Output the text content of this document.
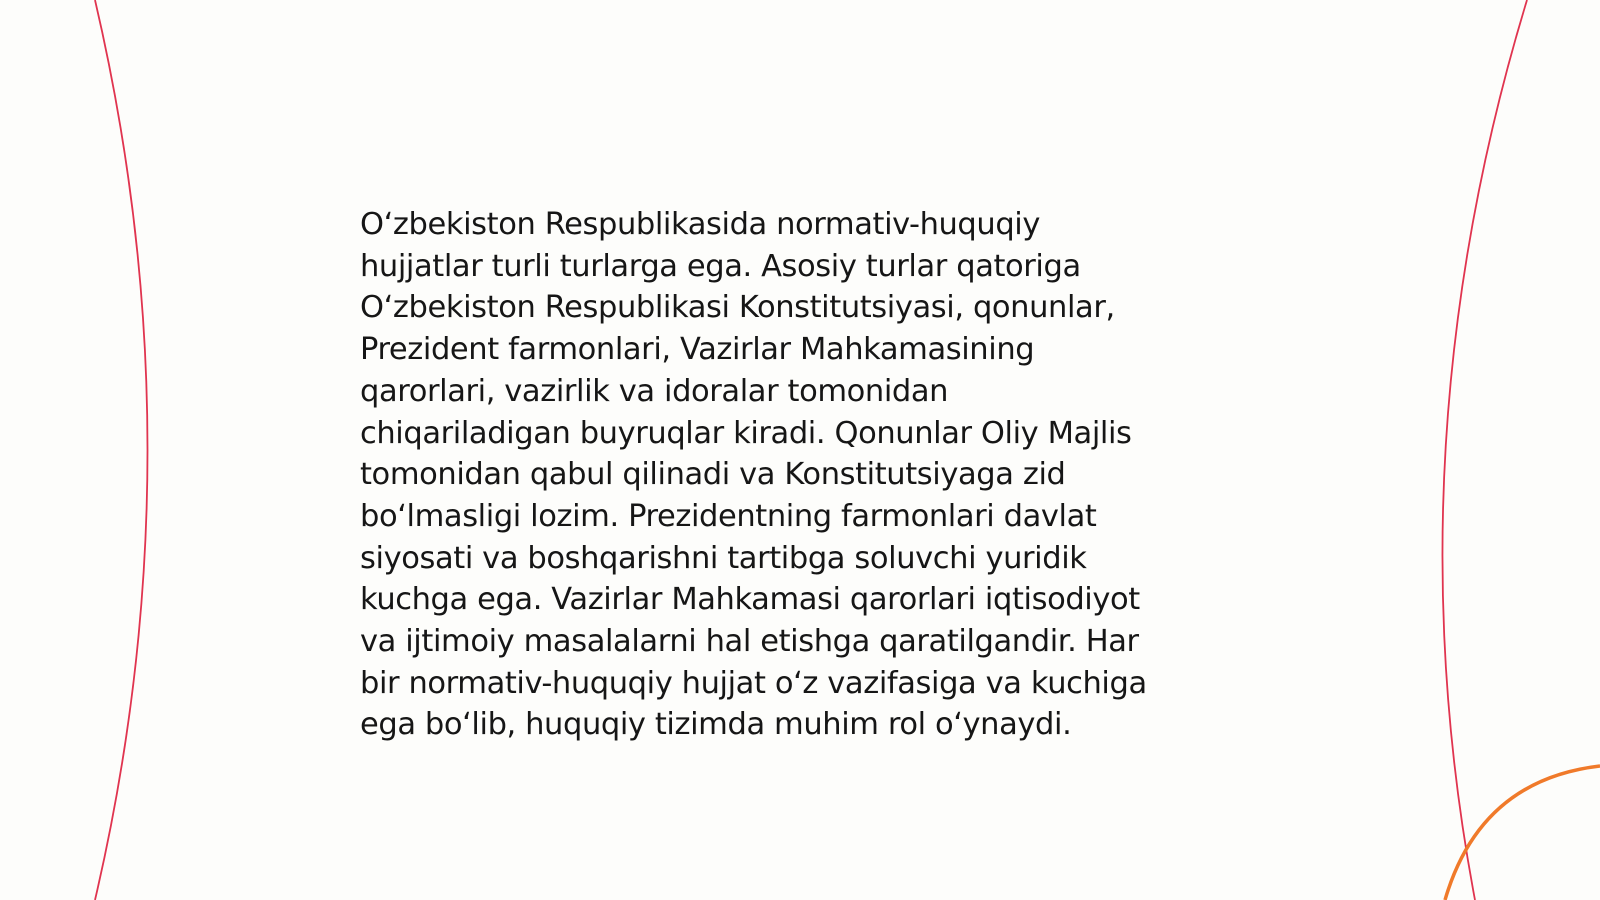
O‘zbekiston Respublikasida normativ-huquqiy
hujjatlar turli turlarga ega. Asosiy turlar qatoriga
O‘zbekiston Respublikasi Konstitutsiyasi, qonunlar,
Prezident farmonlari, Vazirlar Mahkamasining
qarorlari, vazirlik va idoralar tomonidan
chiqariladigan buyruqlar kiradi. Qonunlar Oliy Majlis
tomonidan qabul qilinadi va Konstitutsiyaga zid
bo‘lmasligi lozim. Prezidentning farmonlari davlat
siyosati va boshqarishni tartibga soluvchi yuridik
kuchga ega. Vazirlar Mahkamasi qarorlari iqtisodiyot
va ijtimoiy masalalarni hal etishga qaratilgandir. Har
bir normativ-huquqiy hujjat o‘z vazifasiga va kuchiga
ega bo‘lib, huquqiy tizimda muhim rol o‘ynaydi.
